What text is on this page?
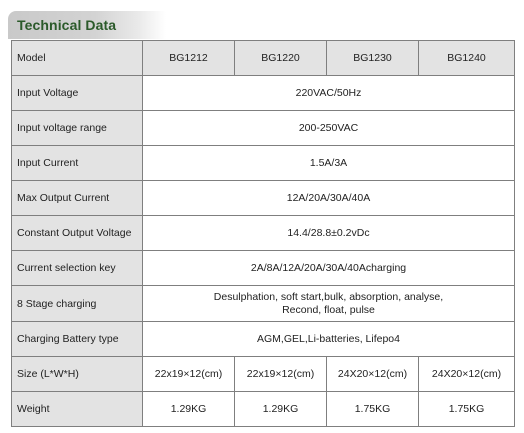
Technical Data
Model	BG1212	BG1220	BG1230	BG1240
Input Voltage	220VAC/50Hz			
Input voltage range	200-250VAC			
Input Current	1.5A/3A			
Max Output Current	12A/20A/30A/40A			
Constant Output Voltage	14.4/28.8±0.2vDc			
Current selection key	2A/8A/12A/20A/30A/40Acharging			
8 Stage charging	Desulphation, soft start,bulk, absorption, analyse,
Recond, float, pulse			

Charging Battery type	AGM,GEL,Li-batteries, Lifepo4			
Size (L*W*H)	22x19×12(cm)	22x19×12(cm)	24X20×12(cm)	24X20×12(cm)
Weight	1.29KG	1.29KG	1.75KG	1.75KG
